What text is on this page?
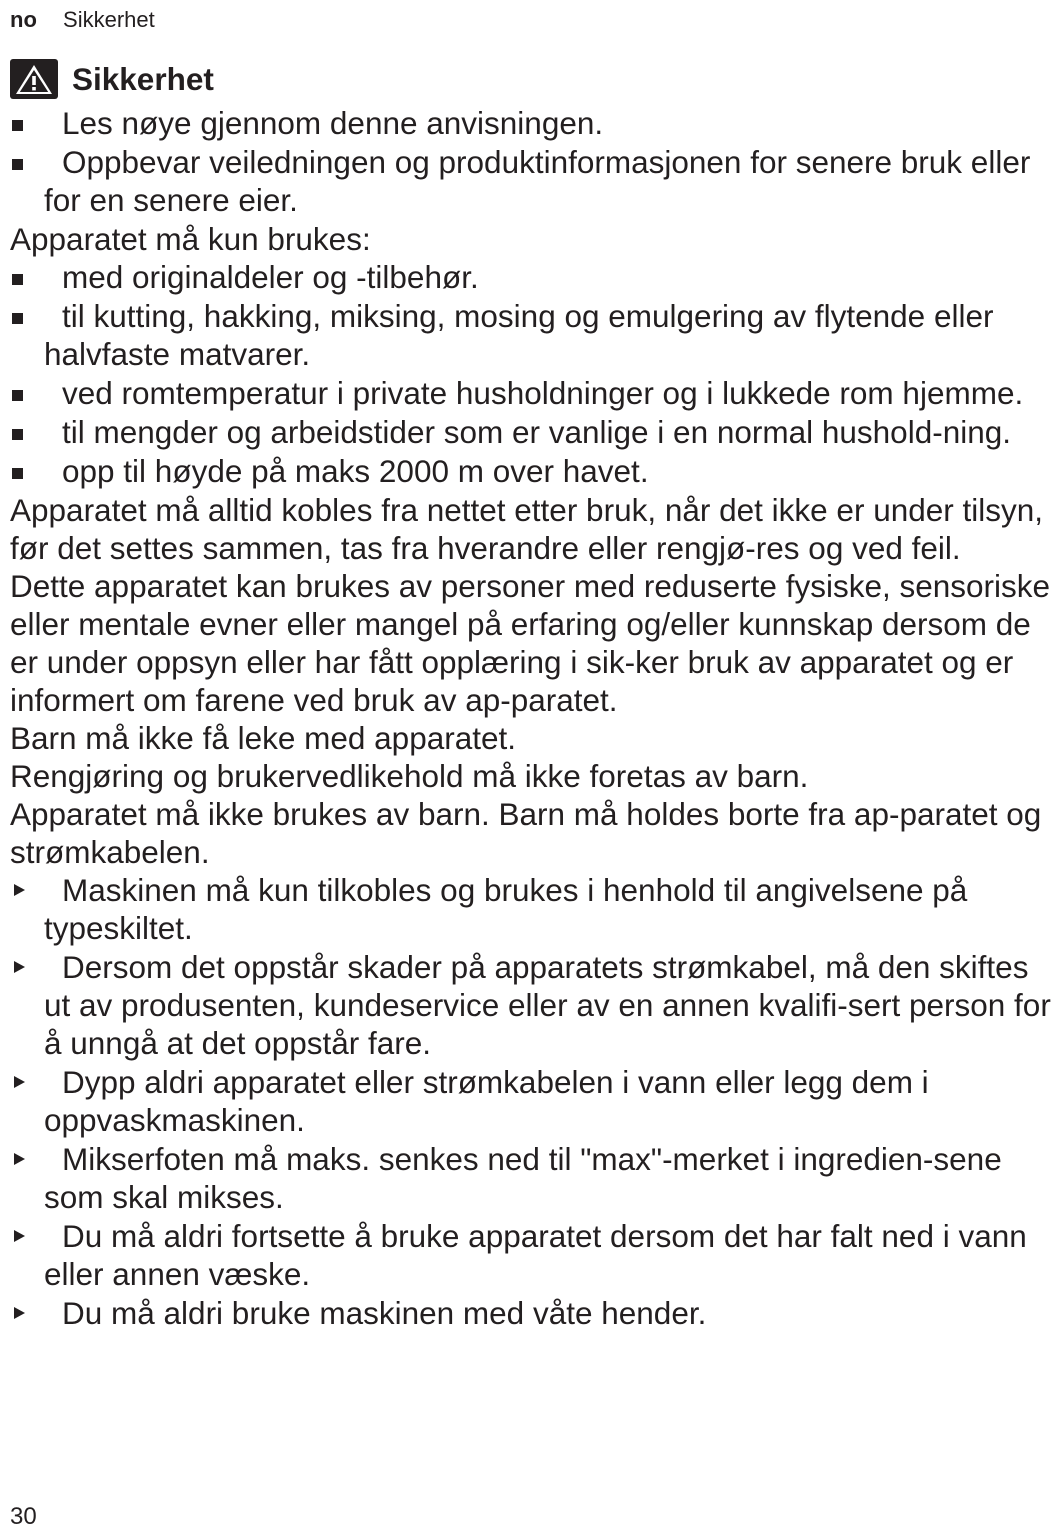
no Sikkerhet
Sikkerhet
Les nøye gjennom denne anvisningen.
Oppbevar veiledningen og produktinformasjonen for senere bruk eller for en senere eier.

Apparatet må kun brukes:

med originaldeler og -tilbehør.
til kutting, hakking, miksing, mosing og emulgering av flytende eller halvfaste matvarer.
ved romtemperatur i private husholdninger og i lukkede rom hjemme.
til mengder og arbeidstider som er vanlige i en normal hushold-ning.
opp til høyde på maks 2000 m over havet.

Apparatet må alltid kobles fra nettet etter bruk, når det ikke er under tilsyn, før det settes sammen, tas fra hverandre eller rengjø-res og ved feil.

Dette apparatet kan brukes av personer med reduserte fysiske, sensoriske eller mentale evner eller mangel på erfaring og/eller kunnskap dersom de er under oppsyn eller har fått opplæring i sik-ker bruk av apparatet og er informert om farene ved bruk av ap-paratet.

Barn må ikke få leke med apparatet.

Rengjøring og brukervedlikehold må ikke foretas av barn.

Apparatet må ikke brukes av barn. Barn må holdes borte fra ap-paratet og strømkabelen.

Maskinen må kun tilkobles og brukes i henhold til angivelsene på typeskiltet.
Dersom det oppstår skader på apparatets strømkabel, må den skiftes ut av produsenten, kundeservice eller av en annen kvalifi-sert person for å unngå at det oppstår fare.
Dypp aldri apparatet eller strømkabelen i vann eller legg dem i oppvaskmaskinen.
Mikserfoten må maks. senkes ned til "max"-merket i ingredien-sene som skal mikses.
Du må aldri fortsette å bruke apparatet dersom det har falt ned i vann eller annen væske.
Du må aldri bruke maskinen med våte hender.
30
